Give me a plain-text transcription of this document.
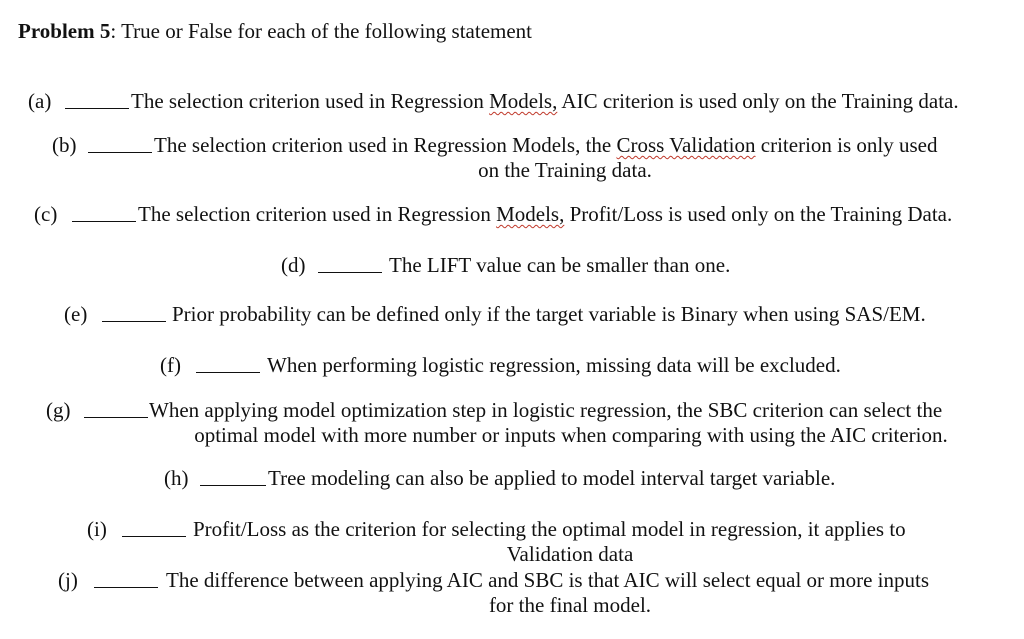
Problem 5: True or False for each of the following statement
(a)	The selection criterion used in Regression Models, AIC criterion is used only on the Training data.
(b)	The selection criterion used in Regression Models, the Cross Validation criterion is only used
on the Training data.
(c)	The selection criterion used in Regression Models, Profit/Loss is used only on the Training Data.
(d)	The LIFT value can be smaller than one.
(e)	Prior probability can be defined only if the target variable is Binary when using SAS/EM.
(f)	When performing logistic regression, missing data will be excluded.
(g)	When applying model optimization step in logistic regression, the SBC criterion can select the
optimal model with more number or inputs when comparing with using the AIC criterion.
(h)	Tree modeling can also be applied to model interval target variable.
(i)	Profit/Loss as the criterion for selecting the optimal model in regression, it applies to
Validation data
(j)	The difference between applying AIC and SBC is that AIC will select equal or more inputs
for the final model.
